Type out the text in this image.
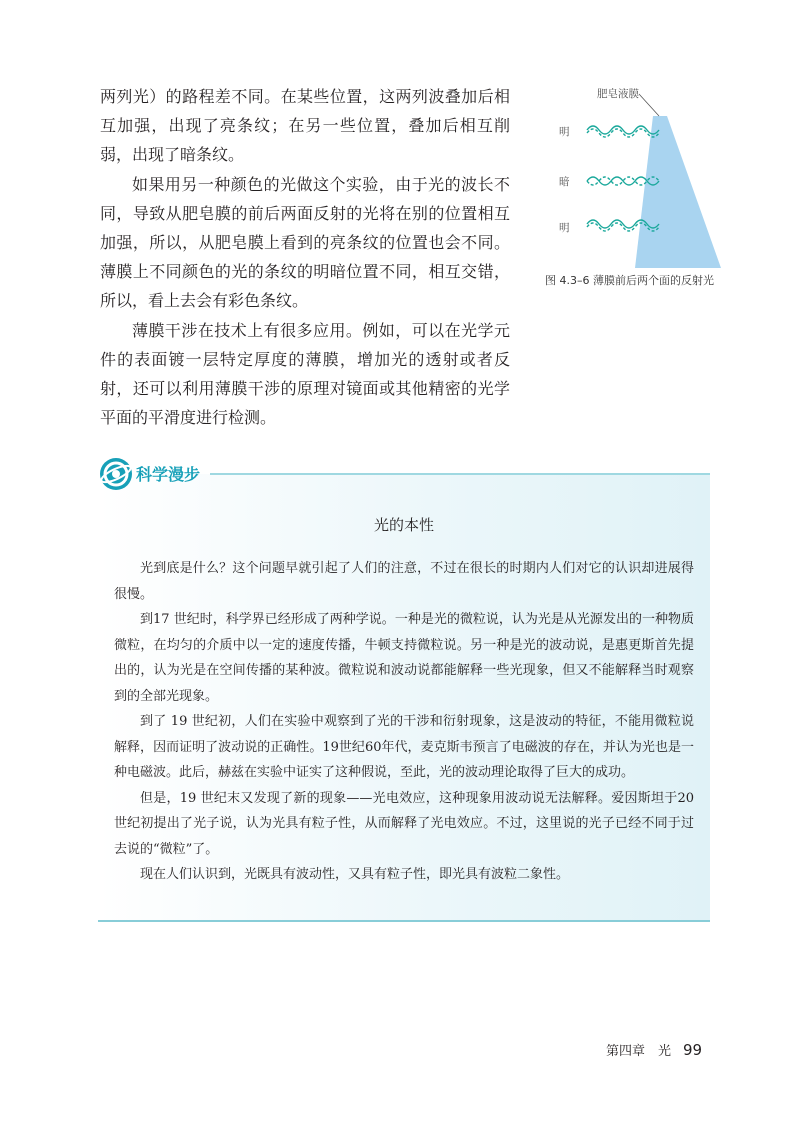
两列光）的路程差不同。在某些位置，这两列波叠加后相互加强，出现了亮条纹；在另一些位置，叠加后相互削弱，出现了暗条纹。

如果用另一种颜色的光做这个实验，由于光的波长不同，导致从肥皂膜的前后两面反射的光将在别的位置相互加强，所以，从肥皂膜上看到的亮条纹的位置也会不同。薄膜上不同颜色的光的条纹的明暗位置不同，相互交错，所以，看上去会有彩色条纹。

薄膜干涉在技术上有很多应用。例如，可以在光学元件的表面镀一层特定厚度的薄膜，增加光的透射或者反射，还可以利用薄膜干涉的原理对镜面或其他精密的光学平面的平滑度进行检测。

肥皂液膜
明
暗
明
图 4.3–6 薄膜前后两个面的反射光
光的本性

光到底是什么？这个问题早就引起了人们的注意，不过在很长的时期内人们对它的认识却进展得很慢。

到17 世纪时，科学界已经形成了两种学说。一种是光的微粒说，认为光是从光源发出的一种物质微粒，在均匀的介质中以一定的速度传播，牛顿支持微粒说。另一种是光的波动说，是惠更斯首先提出的，认为光是在空间传播的某种波。微粒说和波动说都能解释一些光现象，但又不能解释当时观察到的全部光现象。

到了 19 世纪初，人们在实验中观察到了光的干涉和衍射现象，这是波动的特征，不能用微粒说解释，因而证明了波动说的正确性。19世纪60年代，麦克斯韦预言了电磁波的存在，并认为光也是一种电磁波。此后，赫兹在实验中证实了这种假说，至此，光的波动理论取得了巨大的成功。

但是，19 世纪末又发现了新的现象——光电效应，这种现象用波动说无法解释。爱因斯坦于20世纪初提出了光子说，认为光具有粒子性，从而解释了光电效应。不过，这里说的光子已经不同于过去说的“微粒”了。

现在人们认识到，光既具有波动性，又具有粒子性，即光具有波粒二象性。

科学漫步
第四章　光 99
